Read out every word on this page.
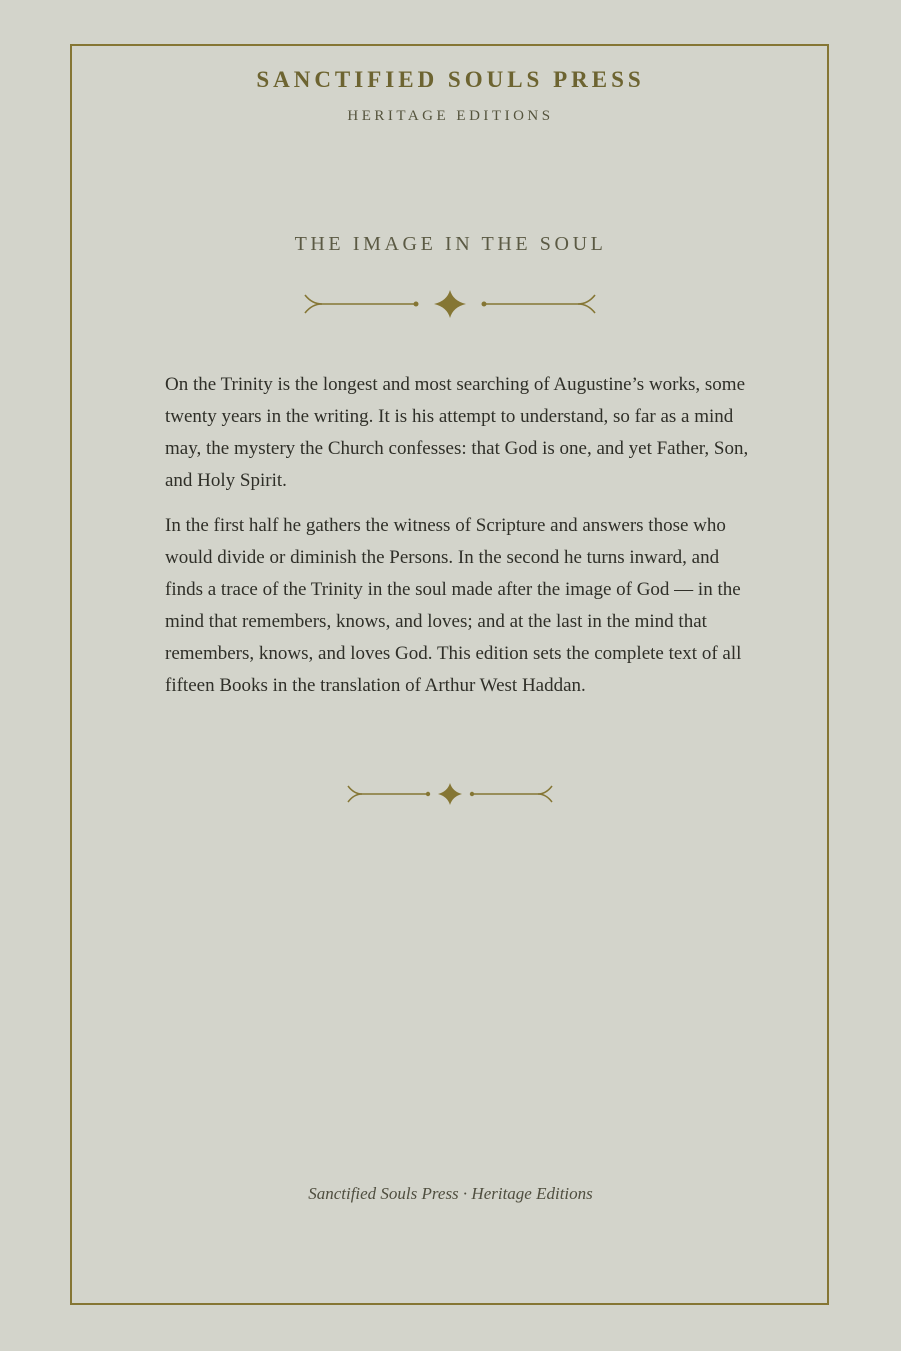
SANCTIFIED SOULS PRESS
HERITAGE EDITIONS
THE IMAGE IN THE SOUL

On the Trinity is the longest and most searching of Augustine’s works, some twenty years in the writing. It is his attempt to understand, so far as a mind may, the mystery the Church confesses: that God is one, and yet Father, Son, and Holy Spirit.

In the first half he gathers the witness of Scripture and answers those who would divide or diminish the Persons. In the second he turns inward, and finds a trace of the Trinity in the soul made after the image of God — in the mind that remembers, knows, and loves; and at the last in the mind that remembers, knows, and loves God. This edition sets the complete text of all fifteen Books in the translation of Arthur West Haddan.

Sanctified Souls Press · Heritage Editions
